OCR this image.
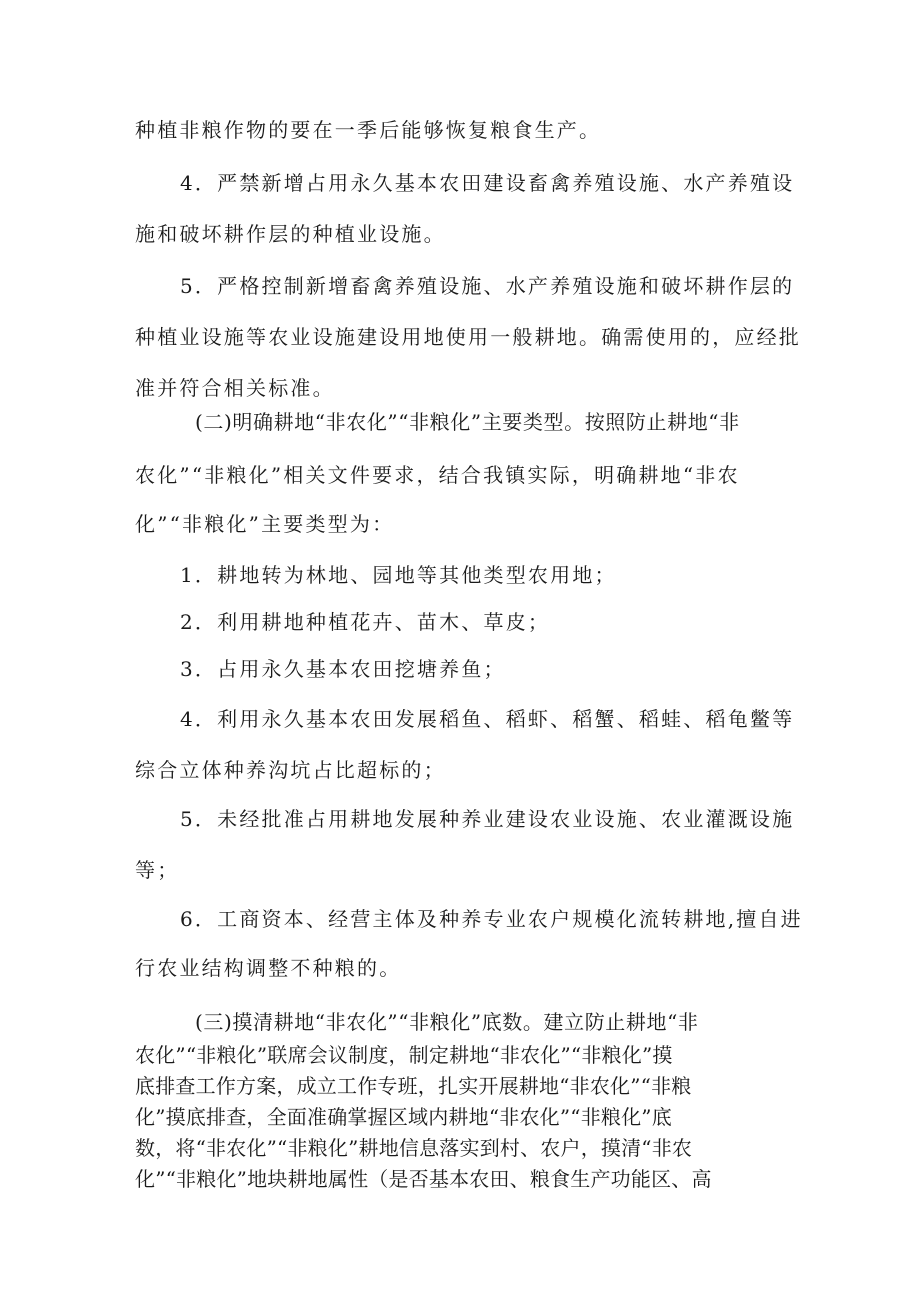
种植非粮作物的要在一季后能够恢复粮食生产。
4．严禁新增占用永久基本农田建设畜禽养殖设施、水产养殖设
施和破坏耕作层的种植业设施。
5．严格控制新增畜禽养殖设施、水产养殖设施和破坏耕作层的
种植业设施等农业设施建设用地使用一般耕地。确需使用的，应经批
准并符合相关标准。
(二)明确耕地“非农化”“非粮化”主要类型。按照防止耕地“非
农化”“非粮化”相关文件要求，结合我镇实际，明确耕地“非农
化”“非粮化”主要类型为：
1．耕地转为林地、园地等其他类型农用地；
2．利用耕地种植花卉、苗木、草皮；
3．占用永久基本农田挖塘养鱼；
4．利用永久基本农田发展稻鱼、稻虾、稻蟹、稻蛙、稻龟鳖等
综合立体种养沟坑占比超标的；
5．未经批准占用耕地发展种养业建设农业设施、农业灌溉设施
等；
6．工商资本、经营主体及种养专业农户规模化流转耕地,擅自进
行农业结构调整不种粮的。
(三)摸清耕地“非农化”“非粮化”底数。建立防止耕地“非
农化”“非粮化”联席会议制度，制定耕地“非农化”“非粮化”摸
底排查工作方案，成立工作专班，扎实开展耕地“非农化”“非粮
化”摸底排查，全面准确掌握区域内耕地“非农化”“非粮化”底
数，将“非农化”“非粮化”耕地信息落实到村、农户，摸清“非农
化”“非粮化”地块耕地属性（是否基本农田、粮食生产功能区、高
